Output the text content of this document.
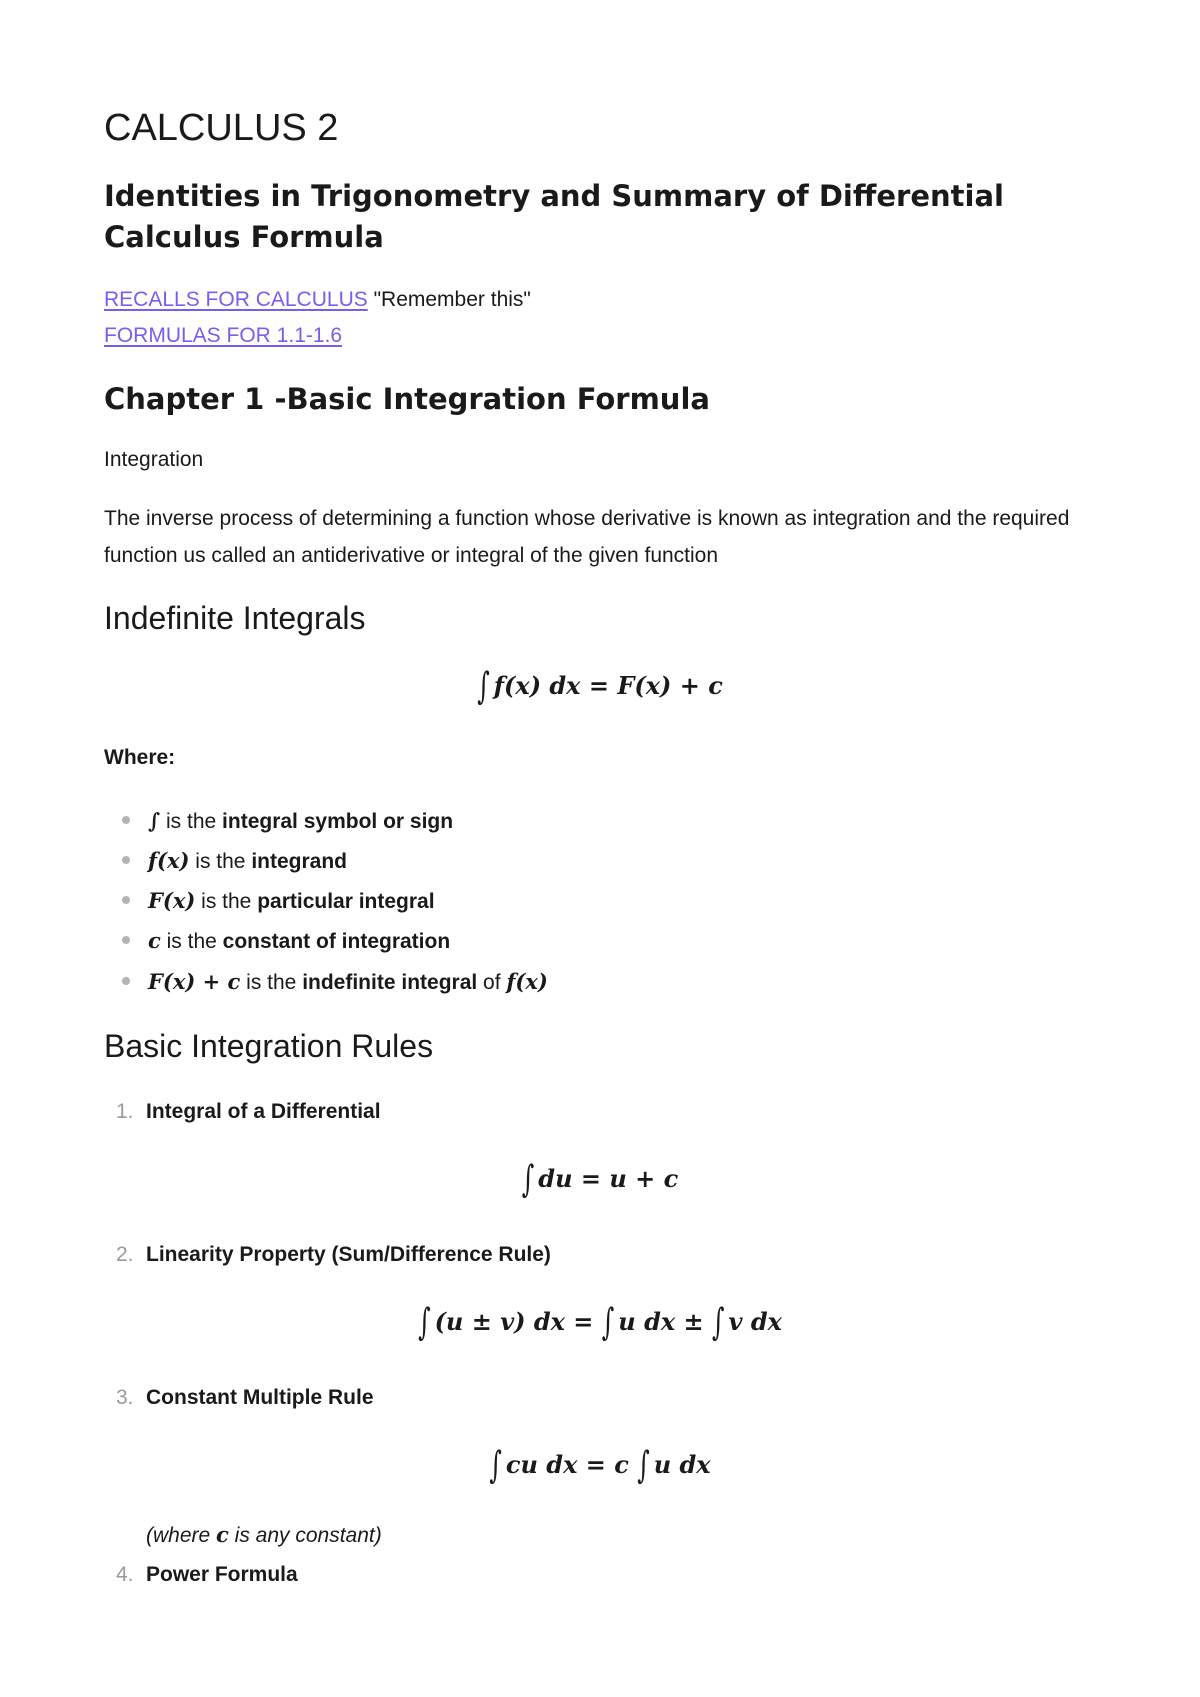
CALCULUS 2
Identities in Trigonometry and Summary of Differential Calculus Formula
RECALLS FOR CALCULUS "Remember this"
FORMULAS FOR 1.1-1.6
Chapter 1 -Basic Integration Formula
Integration
The inverse process of determining a function whose derivative is known as integration and the required function us called an antiderivative or integral of the given function
Indefinite Integrals
∫ f(x) dx = F(x) + c
Where:
∫ is the integral symbol or sign
f(x) is the integrand
F(x) is the particular integral
c is the constant of integration
F(x) + c is the indefinite integral of f(x)
Basic Integration Rules
1. Integral of a Differential
∫ du = u + c
2. Linearity Property (Sum/Difference Rule)
∫ (u ± v) dx = ∫ u dx ± ∫ v dx
3. Constant Multiple Rule
∫ cu dx = c ∫ u dx
(where c is any constant)
4. Power Formula
